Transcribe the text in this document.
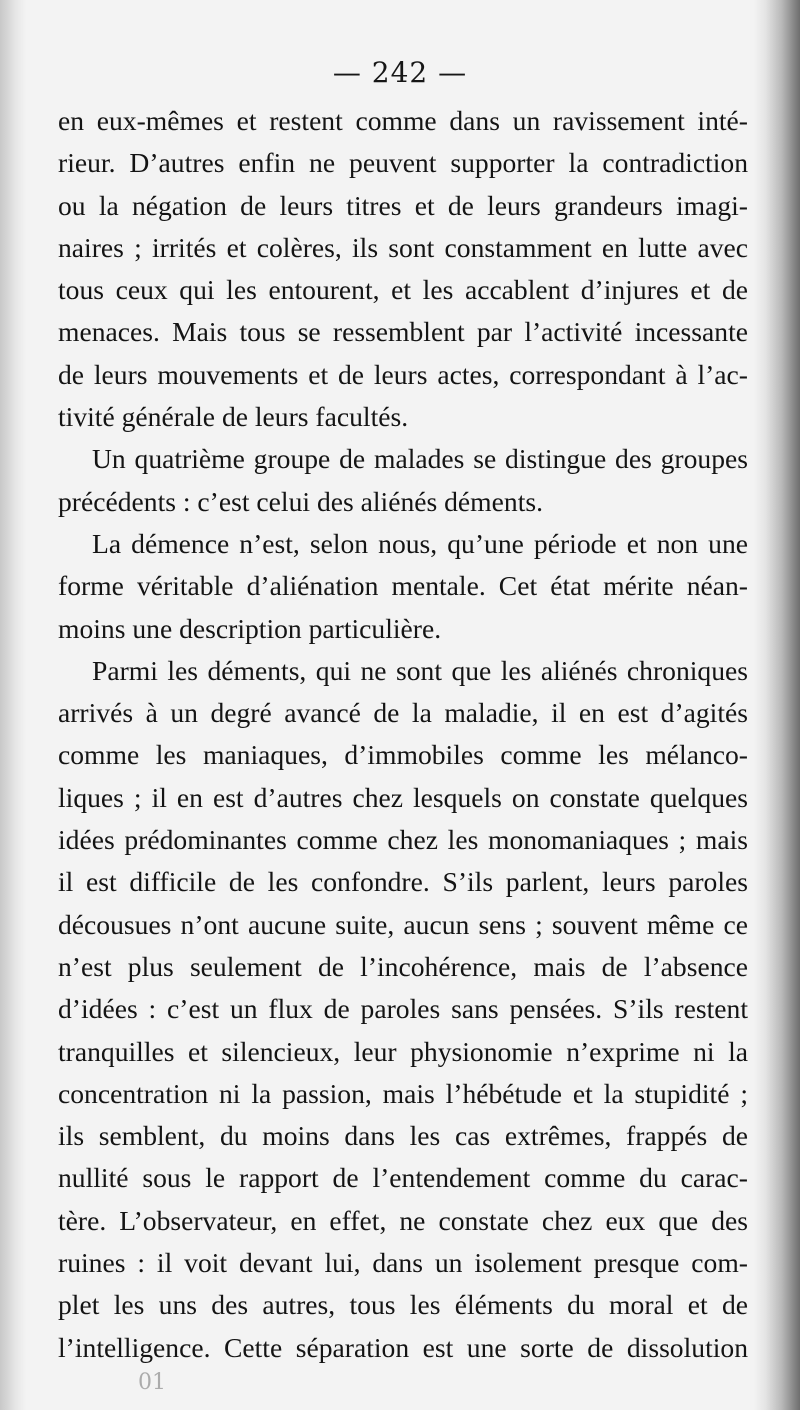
— 242 —
en eux-mêmes et restent comme dans un ravissement inté-
rieur. D’autres enfin ne peuvent supporter la contradiction
ou la négation de leurs titres et de leurs grandeurs imagi-
naires ; irrités et colères, ils sont constamment en lutte avec
tous ceux qui les entourent, et les accablent d’injures et de
menaces. Mais tous se ressemblent par l’activité incessante
de leurs mouvements et de leurs actes, correspondant à l’ac-
tivité générale de leurs facultés.
Un quatrième groupe de malades se distingue des groupes
précédents : c’est celui des aliénés déments.
La démence n’est, selon nous, qu’une période et non une
forme véritable d’aliénation mentale. Cet état mérite néan-
moins une description particulière.
Parmi les déments, qui ne sont que les aliénés chroniques
arrivés à un degré avancé de la maladie, il en est d’agités
comme les maniaques, d’immobiles comme les mélanco-
liques ; il en est d’autres chez lesquels on constate quelques
idées prédominantes comme chez les monomaniaques ; mais
il est difficile de les confondre. S’ils parlent, leurs paroles
décousues n’ont aucune suite, aucun sens ; souvent même ce
n’est plus seulement de l’incohérence, mais de l’absence
d’idées : c’est un flux de paroles sans pensées. S’ils restent
tranquilles et silencieux, leur physionomie n’exprime ni la
concentration ni la passion, mais l’hébétude et la stupidité ;
ils semblent, du moins dans les cas extrêmes, frappés de
nullité sous le rapport de l’entendement comme du carac-
tère. L’observateur, en effet, ne constate chez eux que des
ruines : il voit devant lui, dans un isolement presque com-
plet les uns des autres, tous les éléments du moral et de
l’intelligence. Cette séparation est une sorte de dissolution
01
